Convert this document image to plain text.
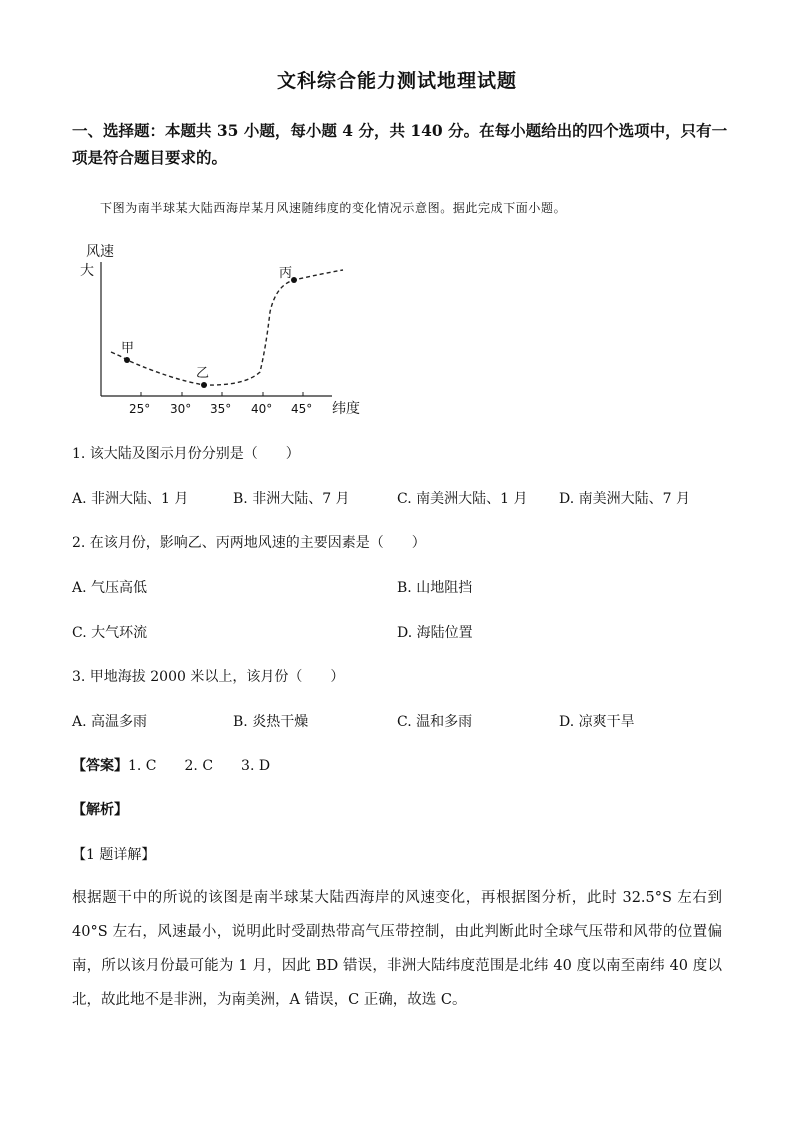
文科综合能力测试地理试题
一、选择题：本题共 35 小题，每小题 4 分，共 140 分。在每小题给出的四个选项中，只有一项是符合题目要求的。
下图为南半球某大陆西海岸某月风速随纬度的变化情况示意图。据此完成下面小题。
风速
大
纬度
25° 30° 35° 40° 45°
甲
乙
丙
1. 该大陆及图示月份分别是（　　）
A. 非洲大陆、1 月	B. 非洲大陆、7 月	C. 南美洲大陆、1 月 D. 南美洲大陆、7 月
2. 在该月份，影响乙、丙两地风速的主要因素是（　　）
A. 气压高低	B. 山地阻挡
C. 大气环流	D. 海陆位置
3. 甲地海拔 2000 米以上，该月份（　　）
A. 高温多雨	B. 炎热干燥	C. 温和多雨	D. 凉爽干旱
【答案】1. C　　2. C　　3. D
【解析】
【1 题详解】
根据题干中的所说的该图是南半球某大陆西海岸的风速变化，再根据图分析，此时 32.5°S 左右到 40°S 左右，风速最小，说明此时受副热带高气压带控制，由此判断此时全球气压带和风带的位置偏南，所以该月份最可能为 1 月，因此 BD 错误，非洲大陆纬度范围是北纬 40 度以南至南纬 40 度以北，故此地不是非洲，为南美洲，A 错误，C 正确，故选 C。
